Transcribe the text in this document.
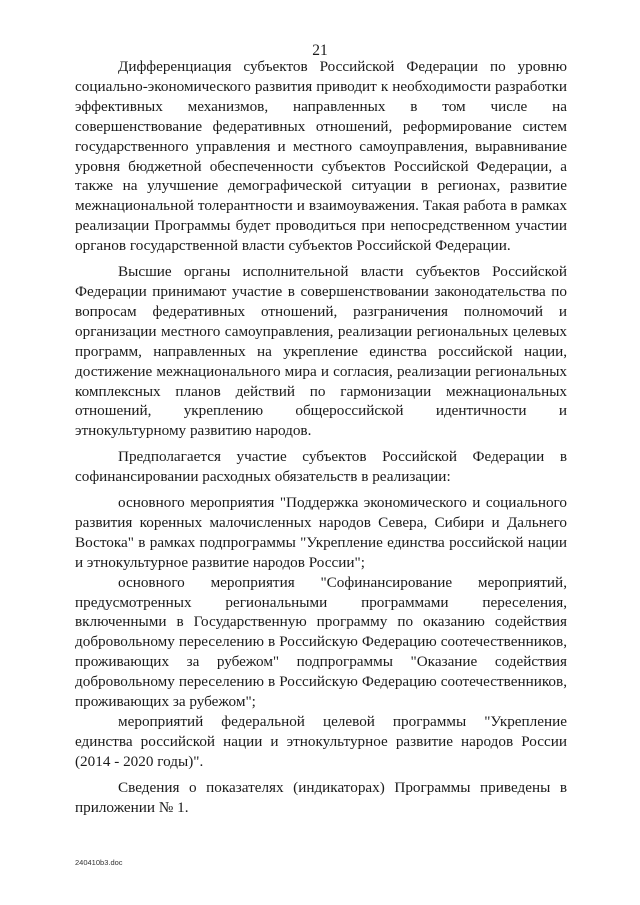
21

Дифференциация субъектов Российской Федерации по уровню социально-экономического развития приводит к необходимости разработки эффективных механизмов, направленных в том числе на совершенствование федеративных отношений, реформирование систем государственного управления и местного самоуправления, выравнивание уровня бюджетной обеспеченности субъектов Российской Федерации, а также на улучшение демографической ситуации в регионах, развитие межнациональной толерантности и взаимоуважения. Такая работа в рамках реализации Программы будет проводиться при непосредственном участии органов государственной власти субъектов Российской Федерации.

Высшие органы исполнительной власти субъектов Российской Федерации принимают участие в совершенствовании законодательства по вопросам федеративных отношений, разграничения полномочий и организации местного самоуправления, реализации региональных целевых программ, направленных на укрепление единства российской нации, достижение межнационального мира и согласия, реализации региональных комплексных планов действий по гармонизации межнациональных отношений, укреплению общероссийской идентичности и этнокультурному развитию народов.

Предполагается участие субъектов Российской Федерации в софинансировании расходных обязательств в реализации:

основного мероприятия "Поддержка экономического и социального развития коренных малочисленных народов Севера, Сибири и Дальнего Востока" в рамках подпрограммы "Укрепление единства российской нации и этнокультурное развитие народов России";

основного мероприятия "Софинансирование мероприятий, предусмотренных региональными программами переселения, включенными в Государственную программу по оказанию содействия добровольному переселению в Российскую Федерацию соотечественников, проживающих за рубежом" подпрограммы "Оказание содействия добровольному переселению в Российскую Федерацию соотечественников, проживающих за рубежом";

мероприятий федеральной целевой программы "Укрепление единства российской нации и этнокультурное развитие народов России (2014 - 2020 годы)".

Сведения о показателях (индикаторах) Программы приведены в приложении № 1.

240410b3.doc
